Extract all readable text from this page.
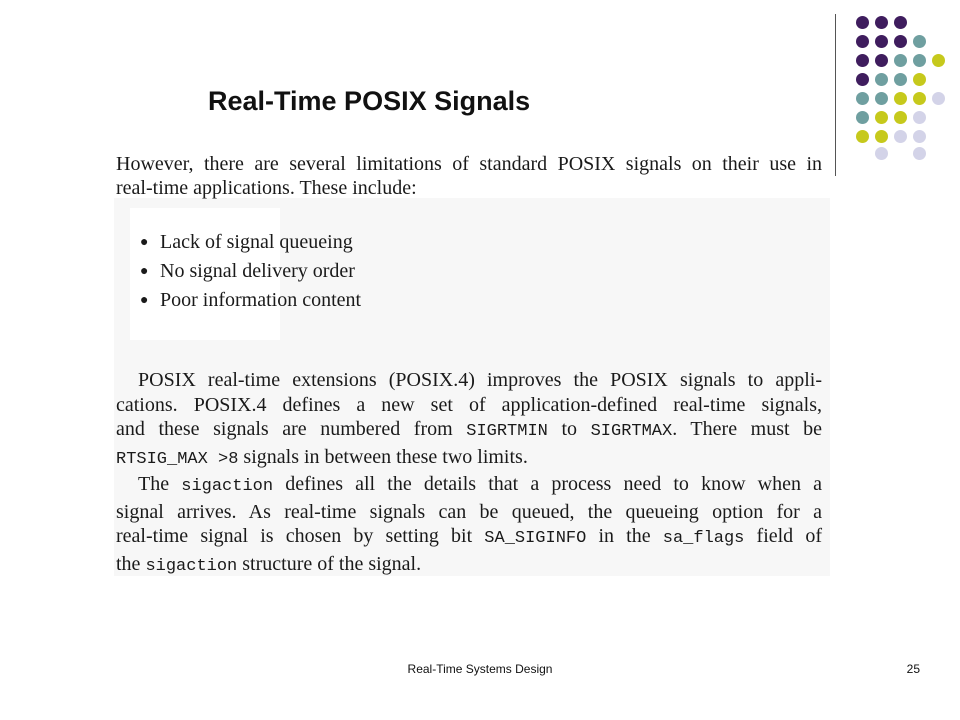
Real-Time POSIX Signals
However, there are several limitations of standard POSIX signals on their use in
real-time applications. These include:
● Lack of signal queueing
● No signal delivery order
● Poor information content
POSIX real-time extensions (POSIX.4) improves the POSIX signals to appli-
cations. POSIX.4 defines a new set of application-defined real-time signals,
and these signals are numbered from SIGRTMIN to SIGRTMAX. There must be
RTSIG_MAX >8 signals in between these two limits.
The sigaction defines all the details that a process need to know when a
signal arrives. As real-time signals can be queued, the queueing option for a
real-time signal is chosen by setting bit SA_SIGINFO in the sa_flags field of
the sigaction structure of the signal.
Real-Time Systems Design	25
